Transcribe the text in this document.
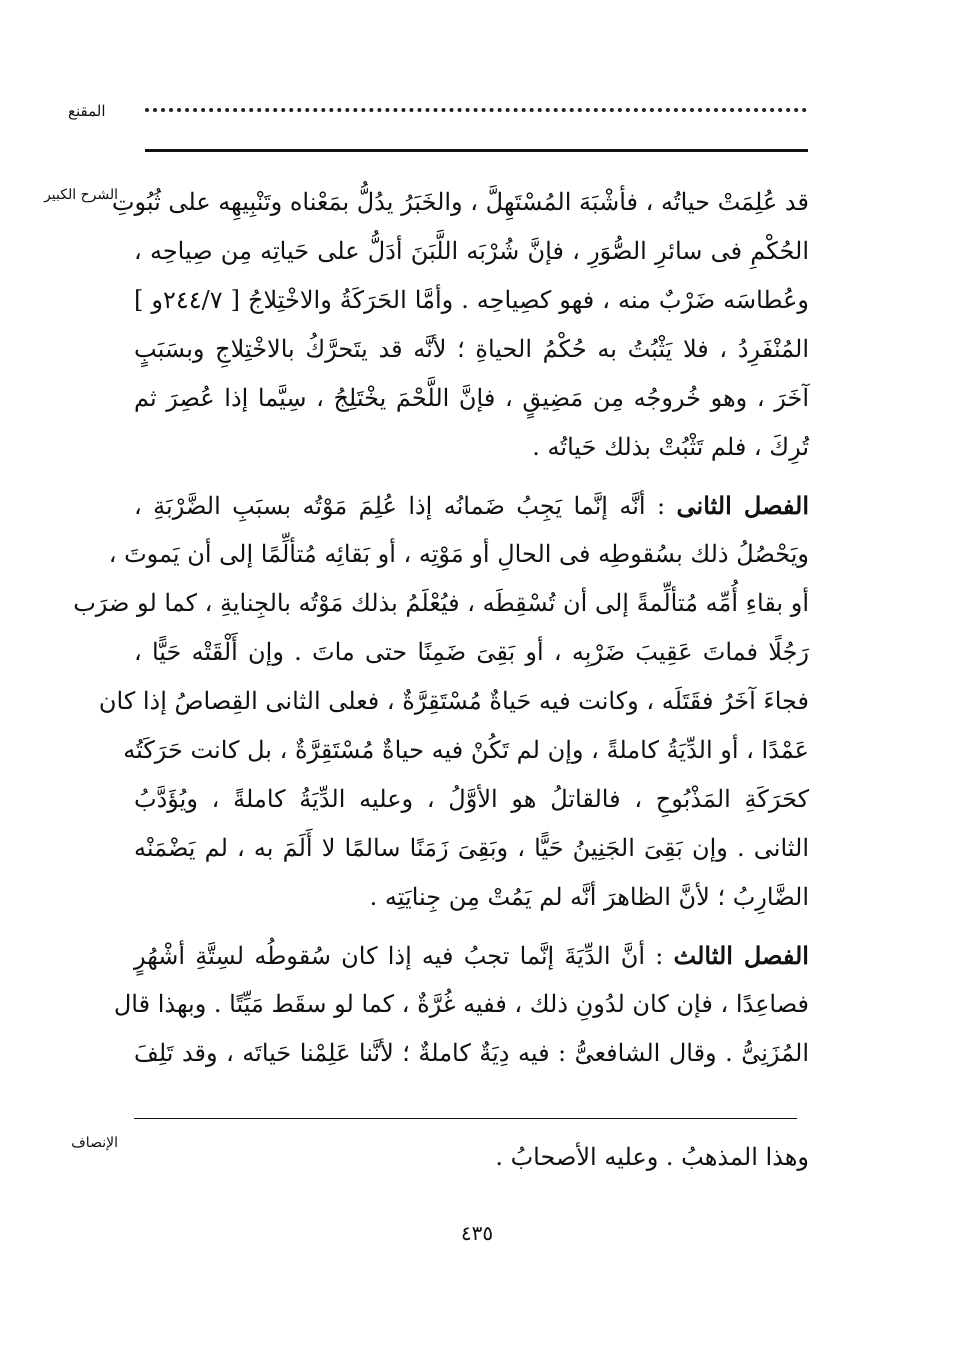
المقنع
الشرح الكبير
قد عُلِمَتْ حياتُه ، فأشْبَهَ المُسْتَهِلَّ ، والخَبَرُ يدُلُّ بمَعْناه وتَنْبِيهِه على ثُبُوتِ
الحُكْمِ فى سائرِ الصُّوَرِ ، فإنَّ شُرْبَه اللَّبَنَ أدَلُّ على حَياتِه مِن صِياحِه ،
وعُطاسَه ضَرْبٌ منه ، فهو كصِياحِه . وأمَّا الحَرَكَةُ والاخْتِلاجُ [ ٢٤٤/٧و ]
المُنْفَرِدُ ، فلا يَثْبُتُ به حُكْمُ الحياةِ ؛ لأنَّه قد يتَحرَّكُ بالاخْتِلاجِ وبسَبَبٍ
آخَرَ ، وهو خُروجُه مِن مَضِيقٍ ، فإنَّ اللَّحْمَ يخْتَلِجُ ، سِيَّما إذا عُصِرَ ثم
تُرِكَ ، فلم تَثْبُتْ بذلك حَياتُه .
الفصل الثانى : أنَّه إنَّما يَجِبُ ضَمانُه إذا عُلِمَ مَوْتُه بسبَبِ الضَّرْبَةِ ،
ويَحْصُلُ ذلك بسُقوطِه فى الحالِ أو مَوْتِه ، أو بَقائِه مُتألِّمًا إلى أن يَموتَ ،
أو بقاءِ أُمِّه مُتألِّمةً إلى أن تُسْقِطَه ، فيُعْلَمُ بذلك مَوْتُه بالجِنايةِ ، كما لو ضرَب
رَجُلًا فماتَ عَقِيبَ ضَرْبِه ، أو بَقِىَ ضَمِنًا حتى ماتَ . وإن أَلْقَتْه حَيًّا ،
فجاءَ آخَرُ فقَتَلَه ، وكانت فيه حَياةٌ مُسْتَقِرَّةٌ ، فعلى الثانى القِصاصُ إذا كان
عَمْدًا ، أو الدِّيَةُ كاملةً ، وإن لم تَكُنْ فيه حياةٌ مُسْتَقِرَّةٌ ، بل كانت حَرَكَتُه
كحَرَكَةِ المَذْبُوحِ ، فالقاتلُ هو الأوَّلُ ، وعليه الدِّيَةُ كاملةً ، ويُؤَدَّبُ
الثانى . وإن بَقِىَ الجَنِينُ حَيًّا ، وبَقِىَ زَمَنًا سالمًا لا أَلَمَ به ، لم يَضْمَنْه
الضَّارِبُ ؛ لأنَّ الظاهرَ أنَّه لم يَمُتْ مِن جِنايَتِه .
الفصل الثالث : أنَّ الدِّيَةَ إنَّما تجبُ فيه إذا كان سُقوطُه لسِتَّةِ أشْهُرٍ
فصاعِدًا ، فإن كان لدُونِ ذلك ، ففيه غُرَّةٌ ، كما لو سقَط مَيِّتًا . وبهذا قال
المُزَنِىُّ . وقال الشافعىُّ : فيه دِيَةٌ كاملةٌ ؛ لأنَّنا عَلِمْنا حَياتَه ، وقد تَلِفَ
الإنصاف	وهذا المذهبُ . وعليه الأصحابُ .
٤٣٥
